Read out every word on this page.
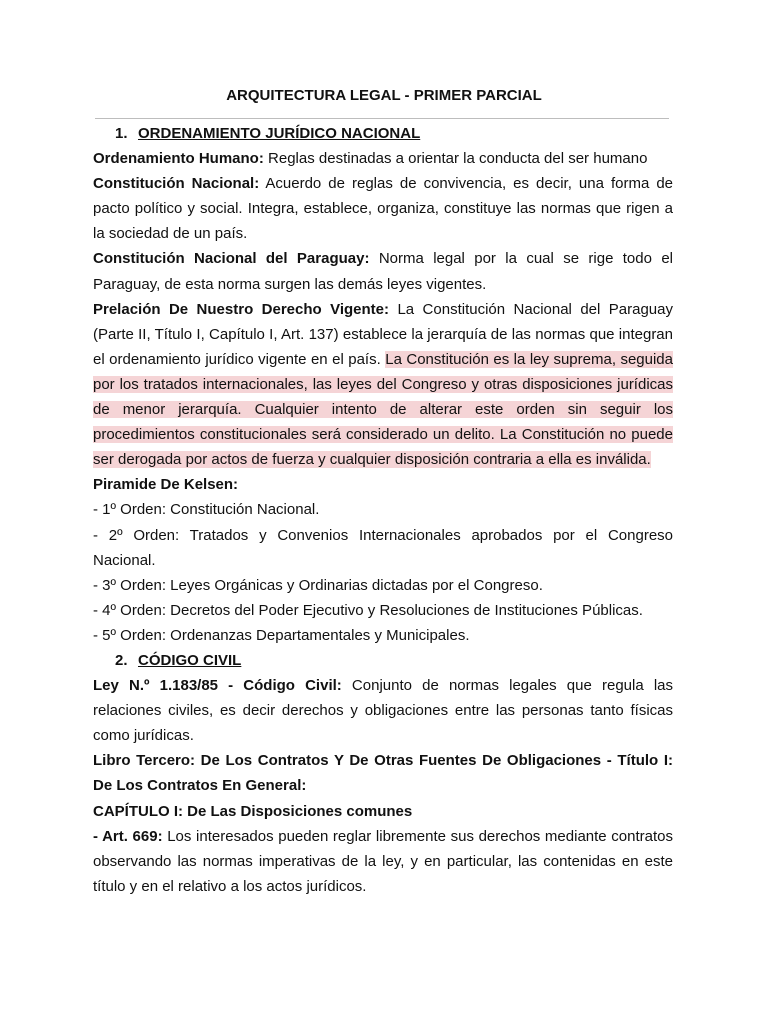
ARQUITECTURA LEGAL - PRIMER PARCIAL
1. ORDENAMIENTO JURÍDICO NACIONAL

Ordenamiento Humano: Reglas destinadas a orientar la conducta del ser humano

Constitución Nacional: Acuerdo de reglas de convivencia, es decir, una forma de pacto político y social. Integra, establece, organiza, constituye las normas que rigen a la sociedad de un país.

Constitución Nacional del Paraguay: Norma legal por la cual se rige todo el Paraguay, de esta norma surgen las demás leyes vigentes.

Prelación De Nuestro Derecho Vigente: La Constitución Nacional del Paraguay (Parte II, Título I, Capítulo I, Art. 137) establece la jerarquía de las normas que integran el ordenamiento jurídico vigente en el país. La Constitución es la ley suprema, seguida por los tratados internacionales, las leyes del Congreso y otras disposiciones jurídicas de menor jerarquía. Cualquier intento de alterar este orden sin seguir los procedimientos constitucionales será considerado un delito. La Constitución no puede ser derogada por actos de fuerza y cualquier disposición contraria a ella es inválida.

Piramide De Kelsen:

- 1º Orden: Constitución Nacional.

- 2º Orden: Tratados y Convenios Internacionales aprobados por el Congreso Nacional.

- 3º Orden: Leyes Orgánicas y Ordinarias dictadas por el Congreso.

- 4º Orden: Decretos del Poder Ejecutivo y Resoluciones de Instituciones Públicas.

- 5º Orden: Ordenanzas Departamentales y Municipales.

2. CÓDIGO CIVIL

Ley N.º 1.183/85 - Código Civil: Conjunto de normas legales que regula las relaciones civiles, es decir derechos y obligaciones entre las personas tanto físicas como jurídicas.

Libro Tercero: De Los Contratos Y De Otras Fuentes De Obligaciones - Título I: De Los Contratos En General:

CAPÍTULO I: De Las Disposiciones comunes

- Art. 669: Los interesados pueden reglar libremente sus derechos mediante contratos observando las normas imperativas de la ley, y en particular, las contenidas en este título y en el relativo a los actos jurídicos.
